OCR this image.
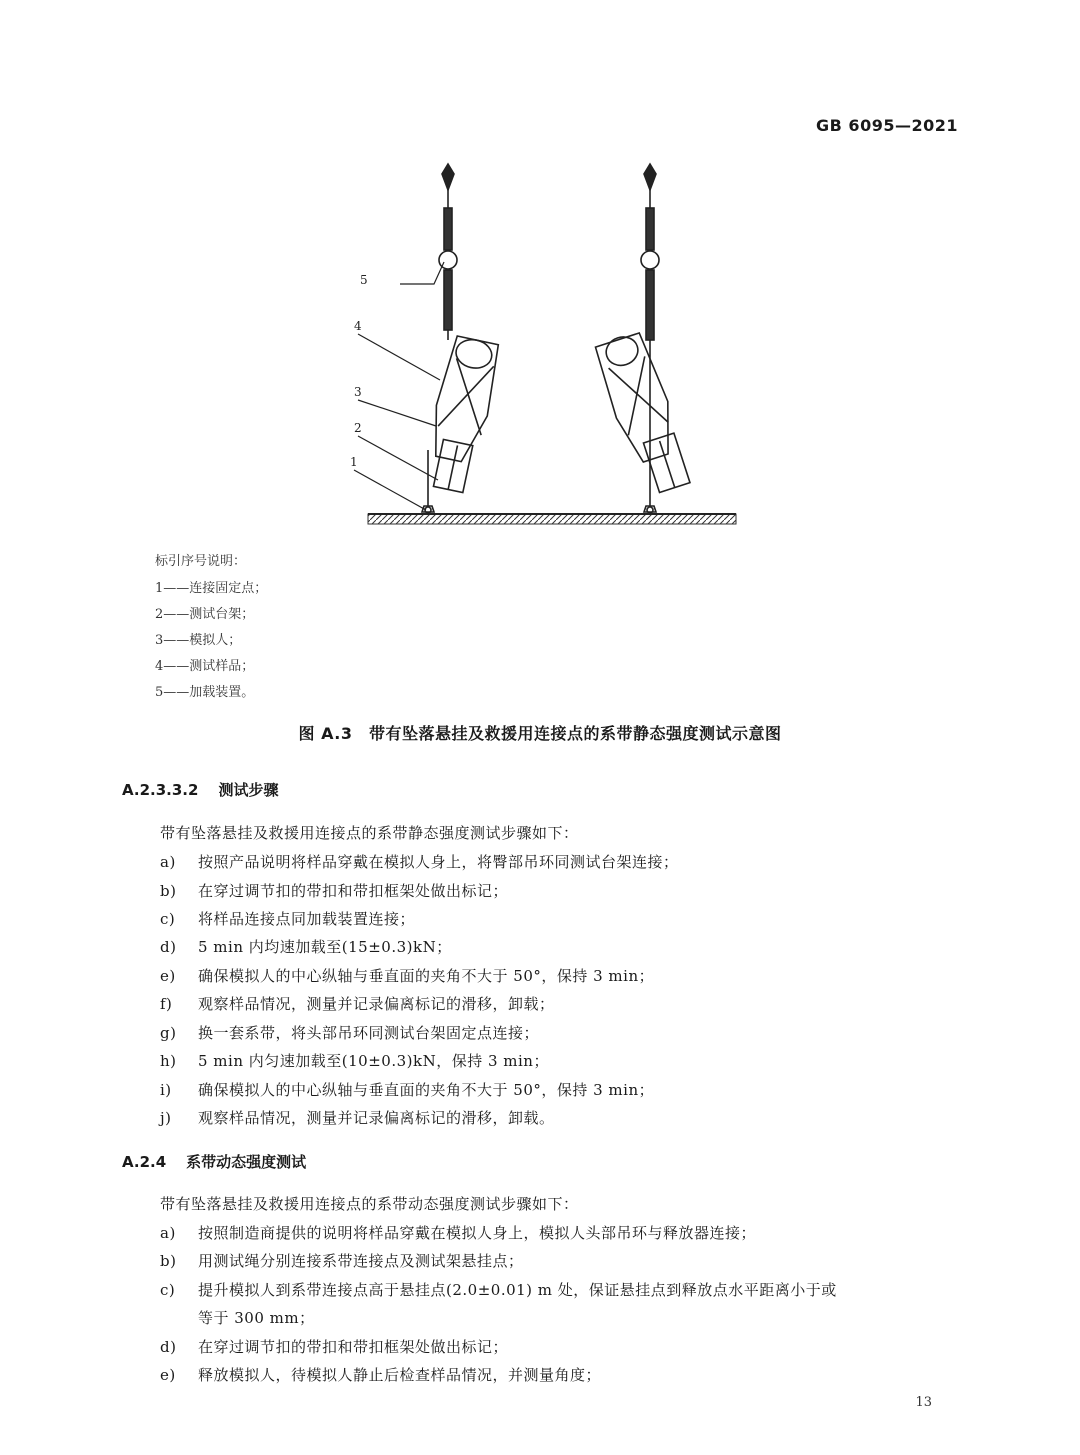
GB 6095—2021
5
4
3
2
1
标引序号说明：
1——连接固定点；
2——测试台架；
3——模拟人；
4——测试样品；
5——加载装置。
图 A.3　带有坠落悬挂及救援用连接点的系带静态强度测试示意图
A.2.3.3.2 测试步骤
带有坠落悬挂及救援用连接点的系带静态强度测试步骤如下：
a) 按照产品说明将样品穿戴在模拟人身上，将臀部吊环同测试台架连接；
b) 在穿过调节扣的带扣和带扣框架处做出标记；
c) 将样品连接点同加载装置连接；
d) 5 min 内均速加载至(15±0.3)kN；
e) 确保模拟人的中心纵轴与垂直面的夹角不大于 50°，保持 3 min；
f) 观察样品情况，测量并记录偏离标记的滑移，卸载；
g) 换一套系带，将头部吊环同测试台架固定点连接；
h) 5 min 内匀速加载至(10±0.3)kN，保持 3 min；
i) 确保模拟人的中心纵轴与垂直面的夹角不大于 50°，保持 3 min；
j) 观察样品情况，测量并记录偏离标记的滑移，卸载。
A.2.4 系带动态强度测试
带有坠落悬挂及救援用连接点的系带动态强度测试步骤如下：
a) 按照制造商提供的说明将样品穿戴在模拟人身上，模拟人头部吊环与释放器连接；
b) 用测试绳分别连接系带连接点及测试架悬挂点；
c) 提升模拟人到系带连接点高于悬挂点(2.0±0.01) m 处，保证悬挂点到释放点水平距离小于或
等于 300 mm；
d) 在穿过调节扣的带扣和带扣框架处做出标记；
e) 释放模拟人，待模拟人静止后检查样品情况，并测量角度；
13
